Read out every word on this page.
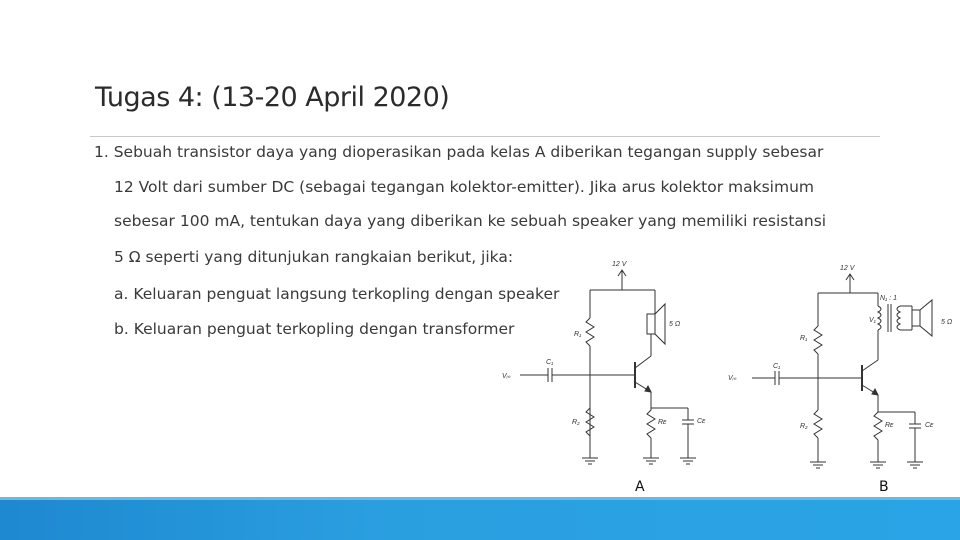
Tugas 4: (13-20 April 2020)
1. Sebuah transistor daya yang dioperasikan pada kelas A diberikan tegangan supply sebesar
12 Volt dari sumber DC (sebagai tegangan kolektor-emitter). Jika arus kolektor maksimum
sebesar 100 mA, tentukan daya yang diberikan ke sebuah speaker yang memiliki resistansi
5 Ω seperti yang ditunjukan rangkaian berikut, jika:
a. Keluaran penguat langsung terkopling dengan speaker
b. Keluaran penguat terkopling dengan transformer
12 V
5 Ω
R₁
C₁
Vᵢₙ
R₂	Rᴇ	Cᴇ
A
12 V
N₁ : 1
5 Ω
V₁
R₁
C₁
Vᵢₙ
R₂	Rᴇ	Cᴇ
B
